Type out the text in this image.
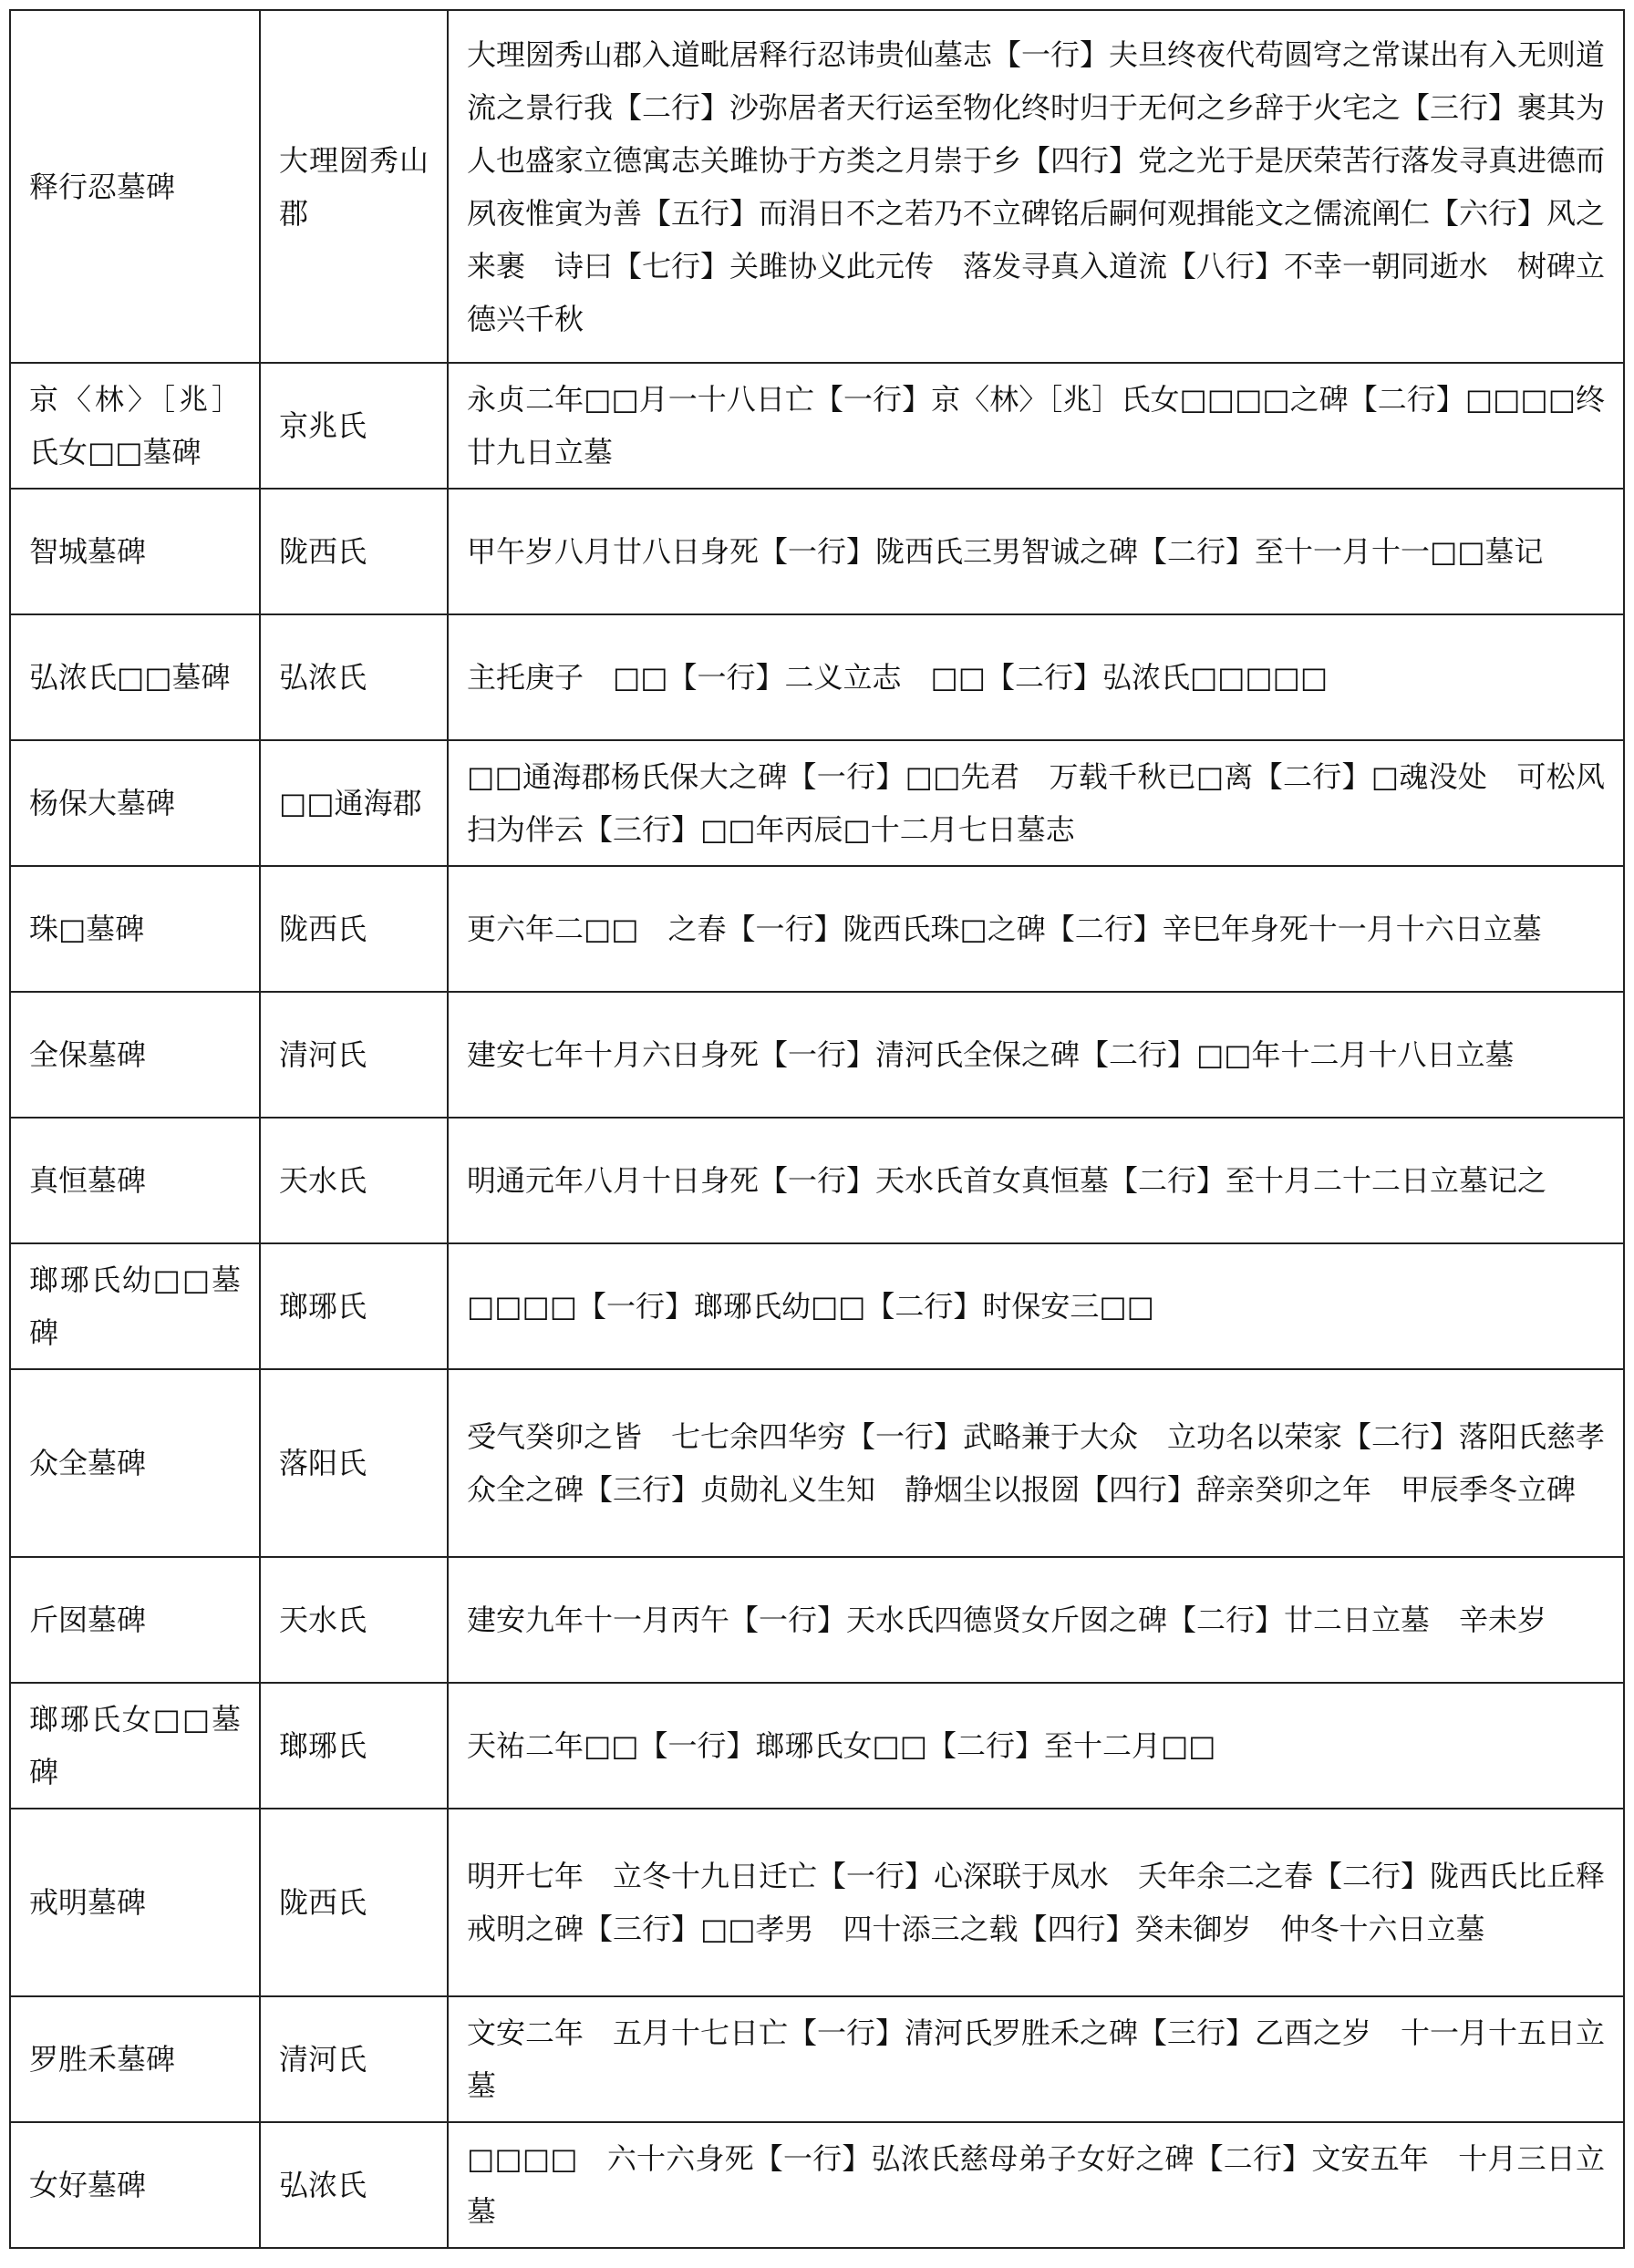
释行忍墓碑	大理圀秀山郡	大理圀秀山郡入道毗居释行忍讳贵仙墓志【一行】夫旦终夜代苟圆穹之常谋出有入无则道流之景行我【二行】沙弥居者天行运至物化终时归于无何之乡辞于火宅之【三行】裹其为人也盛家立德寓志关雎协于方类之月崇于乡【四行】党之光于是厌荣苦行落发寻真进德而夙夜惟寅为善【五行】而涓日不之若乃不立碑铭后嗣何观揖能文之儒流阐仁【六行】风之来裹　诗曰【七行】关雎协义此元传　落发寻真入道流【八行】不幸一朝同逝水　树碑立德兴千秋
京〈林〉［兆］氏女□□墓碑	京兆氏	永贞二年□□月一十八日亡【一行】京〈林〉［兆］氏女□□□□之碑【二行】□□□□终廿九日立墓
智城墓碑	陇西氏	甲午岁八月廿八日身死【一行】陇西氏三男智诚之碑【二行】至十一月十一□□墓记
弘浓氏□□墓碑	弘浓氏	主托庚子　□□【一行】二义立志　□□【二行】弘浓氏□□□□□
杨保大墓碑	□□通海郡	□□通海郡杨氏保大之碑【一行】□□先君　万载千秋已□离【二行】□魂没处　可松风扫为伴云【三行】□□年丙辰□十二月七日墓志
珠□墓碑	陇西氏	更六年二□□　之春【一行】陇西氏珠□之碑【二行】辛巳年身死十一月十六日立墓
全保墓碑	清河氏	建安七年十月六日身死【一行】清河氏全保之碑【二行】□□年十二月十八日立墓
真恒墓碑	天水氏	明通元年八月十日身死【一行】天水氏首女真恒墓【二行】至十月二十二日立墓记之
瑯琊氏幼□□墓碑	瑯琊氏	□□□□【一行】瑯琊氏幼□□【二行】时保安三□□
众全墓碑	落阳氏	受气癸卯之皆　七七余四华穷【一行】武略兼于大众　立功名以荣家【二行】落阳氏慈孝众全之碑【三行】贞勋礼义生知　静烟尘以报圀【四行】辞亲癸卯之年　甲辰季冬立碑
斤囡墓碑	天水氏	建安九年十一月丙午【一行】天水氏四德贤女斤囡之碑【二行】廿二日立墓　辛未岁
瑯琊氏女□□墓碑	瑯琊氏	天祐二年□□【一行】瑯琊氏女□□【二行】至十二月□□
戒明墓碑	陇西氏	明开七年　立冬十九日迁亡【一行】心深联于凤水　夭年余二之春【二行】陇西氏比丘释戒明之碑【三行】□□孝男　四十添三之载【四行】癸未御岁　仲冬十六日立墓
罗胜禾墓碑	清河氏	文安二年　五月十七日亡【一行】清河氏罗胜禾之碑【三行】乙酉之岁　十一月十五日立墓
女好墓碑	弘浓氏	□□□□　六十六身死【一行】弘浓氏慈母弟子女好之碑【二行】文安五年　十月三日立墓
